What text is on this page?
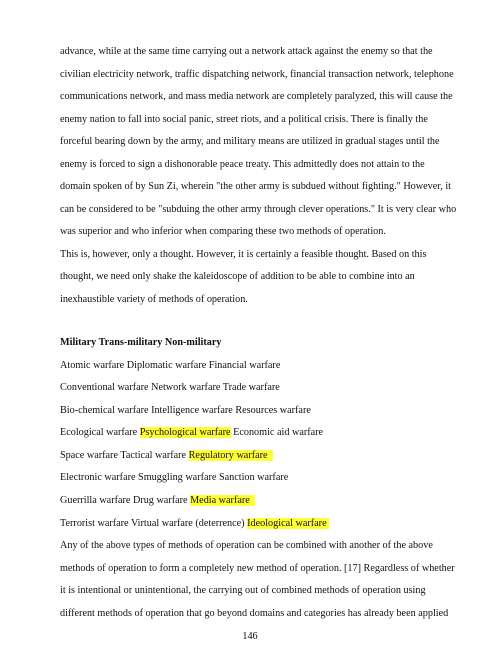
advance, while at the same time carrying out a network attack against the enemy so that the
civilian electricity network, traffic dispatching network, financial transaction network, telephone
communications network, and mass media network are completely paralyzed, this will cause the
enemy nation to fall into social panic, street riots, and a political crisis. There is finally the
forceful bearing down by the army, and military means are utilized in gradual stages until the
enemy is forced to sign a dishonorable peace treaty. This admittedly does not attain to the
domain spoken of by Sun Zi, wherein "the other army is subdued without fighting." However, it
can be considered to be "subduing the other army through clever operations." It is very clear who
was superior and who inferior when comparing these two methods of operation.
This is, however, only a thought. However, it is certainly a feasible thought. Based on this
thought, we need only shake the kaleidoscope of addition to be able to combine into an
inexhaustible variety of methods of operation.
Military Trans-military Non-military
Atomic warfare Diplomatic warfare Financial warfare
Conventional warfare Network warfare Trade warfare
Bio-chemical warfare Intelligence warfare Resources warfare
Ecological warfare Psychological warfare Economic aid warfare
Space warfare Tactical warfare Regulatory warfare
Electronic warfare Smuggling warfare Sanction warfare
Guerrilla warfare Drug warfare Media warfare
Terrorist warfare Virtual warfare (deterrence) Ideological warfare
Any of the above types of methods of operation can be combined with another of the above
146
methods of operation to form a completely new method of operation. [17] Regardless of whether
it is intentional or unintentional, the carrying out of combined methods of operation using
different methods of operation that go beyond domains and categories has already been applied
